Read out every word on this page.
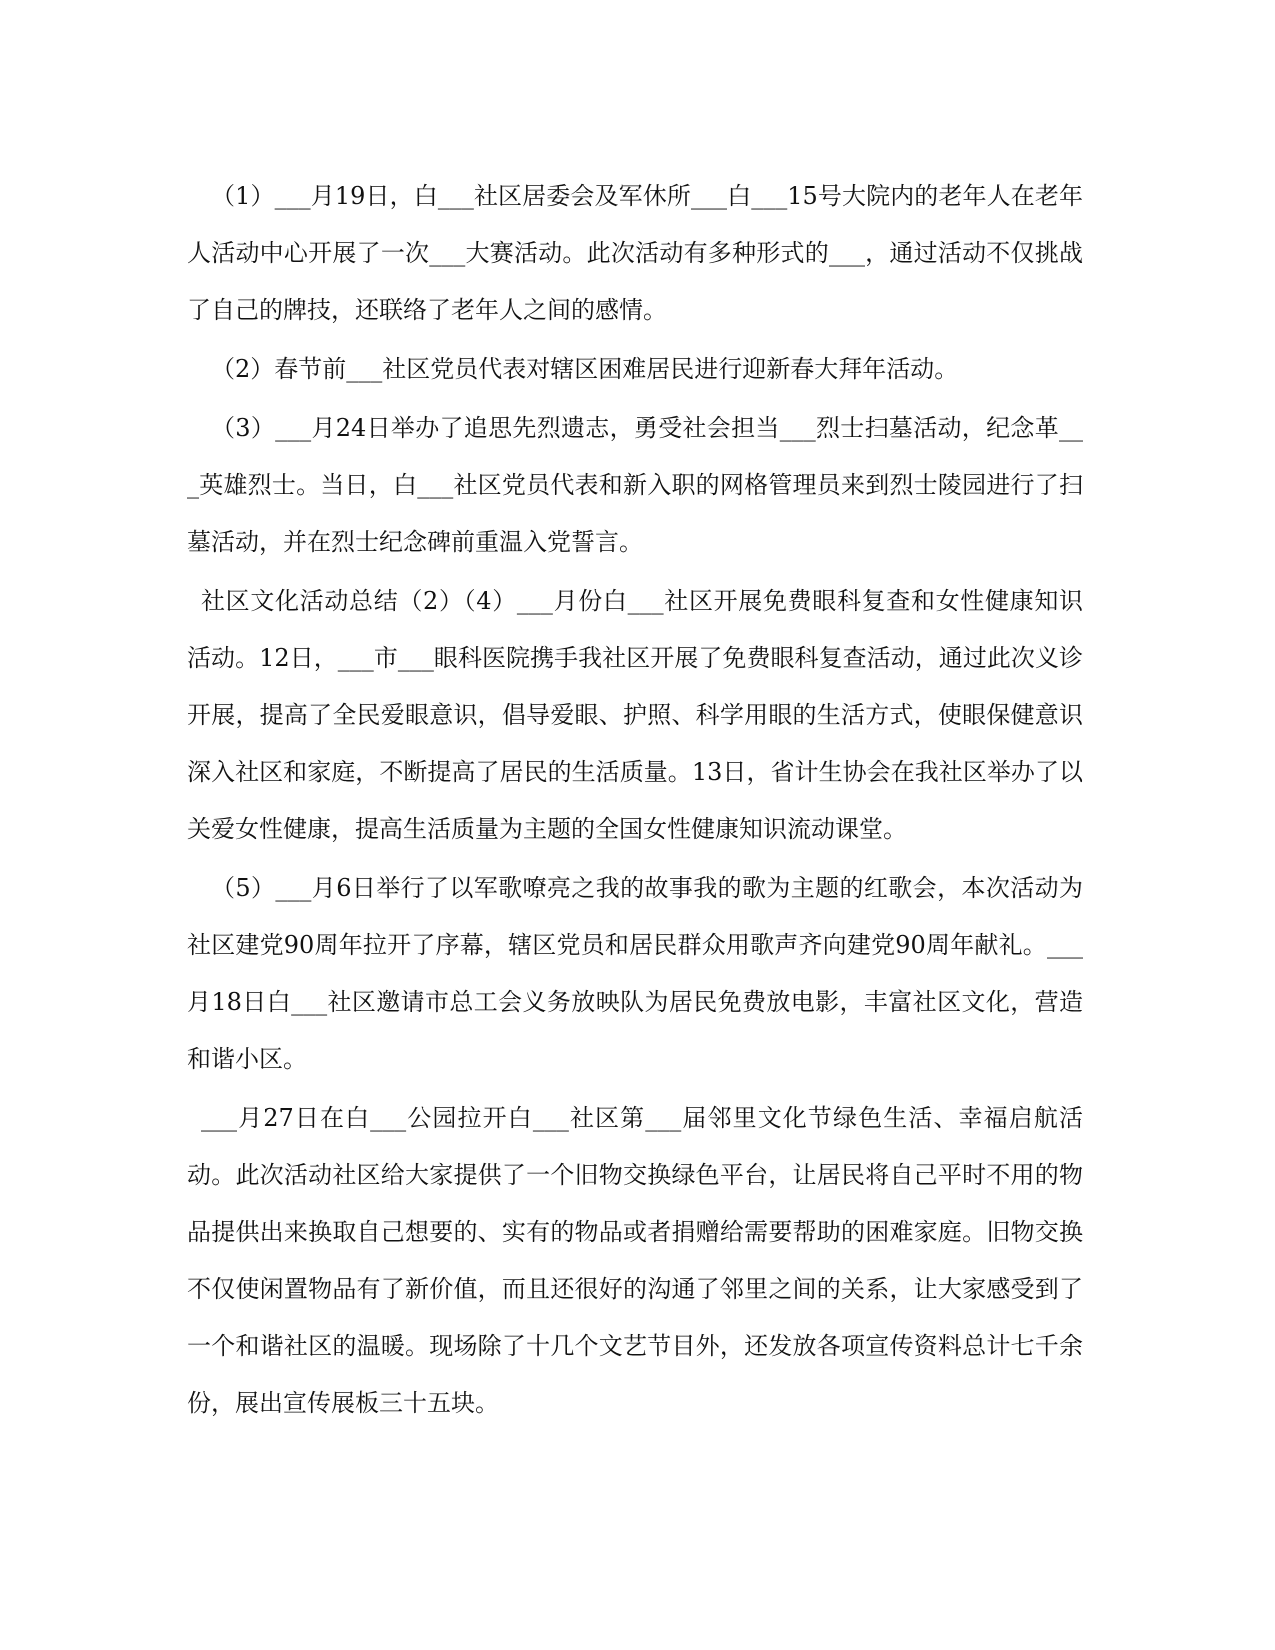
（1）___月19日，白___社区居委会及军休所___白___15号大院内的老年人在老年人活动中心开展了一次___大赛活动。此次活动有多种形式的___，通过活动不仅挑战了自己的牌技，还联络了老年人之间的感情。

（2）春节前___社区党员代表对辖区困难居民进行迎新春大拜年活动。

（3）___月24日举办了追思先烈遗志，勇受社会担当___烈士扫墓活动，纪念革___英雄烈士。当日，白___社区党员代表和新入职的网格管理员来到烈士陵园进行了扫墓活动，并在烈士纪念碑前重温入党誓言。

社区文化活动总结（2）（4）___月份白___社区开展免费眼科复查和女性健康知识活动。12日，___市___眼科医院携手我社区开展了免费眼科复查活动，通过此次义诊开展，提高了全民爱眼意识，倡导爱眼、护照、科学用眼的生活方式，使眼保健意识深入社区和家庭，不断提高了居民的生活质量。13日，省计生协会在我社区举办了以关爱女性健康，提高生活质量为主题的全国女性健康知识流动课堂。

（5）___月6日举行了以军歌嘹亮之我的故事我的歌为主题的红歌会，本次活动为社区建党90周年拉开了序幕，辖区党员和居民群众用歌声齐向建党90周年献礼。___月18日白___社区邀请市总工会义务放映队为居民免费放电影，丰富社区文化，营造和谐小区。

___月27日在白___公园拉开白___社区第___届邻里文化节绿色生活、幸福启航活动。此次活动社区给大家提供了一个旧物交换绿色平台，让居民将自己平时不用的物品提供出来换取自己想要的、实有的物品或者捐赠给需要帮助的困难家庭。旧物交换不仅使闲置物品有了新价值，而且还很好的沟通了邻里之间的关系，让大家感受到了一个和谐社区的温暖。现场除了十几个文艺节目外，还发放各项宣传资料总计七千余份，展出宣传展板三十五块。
